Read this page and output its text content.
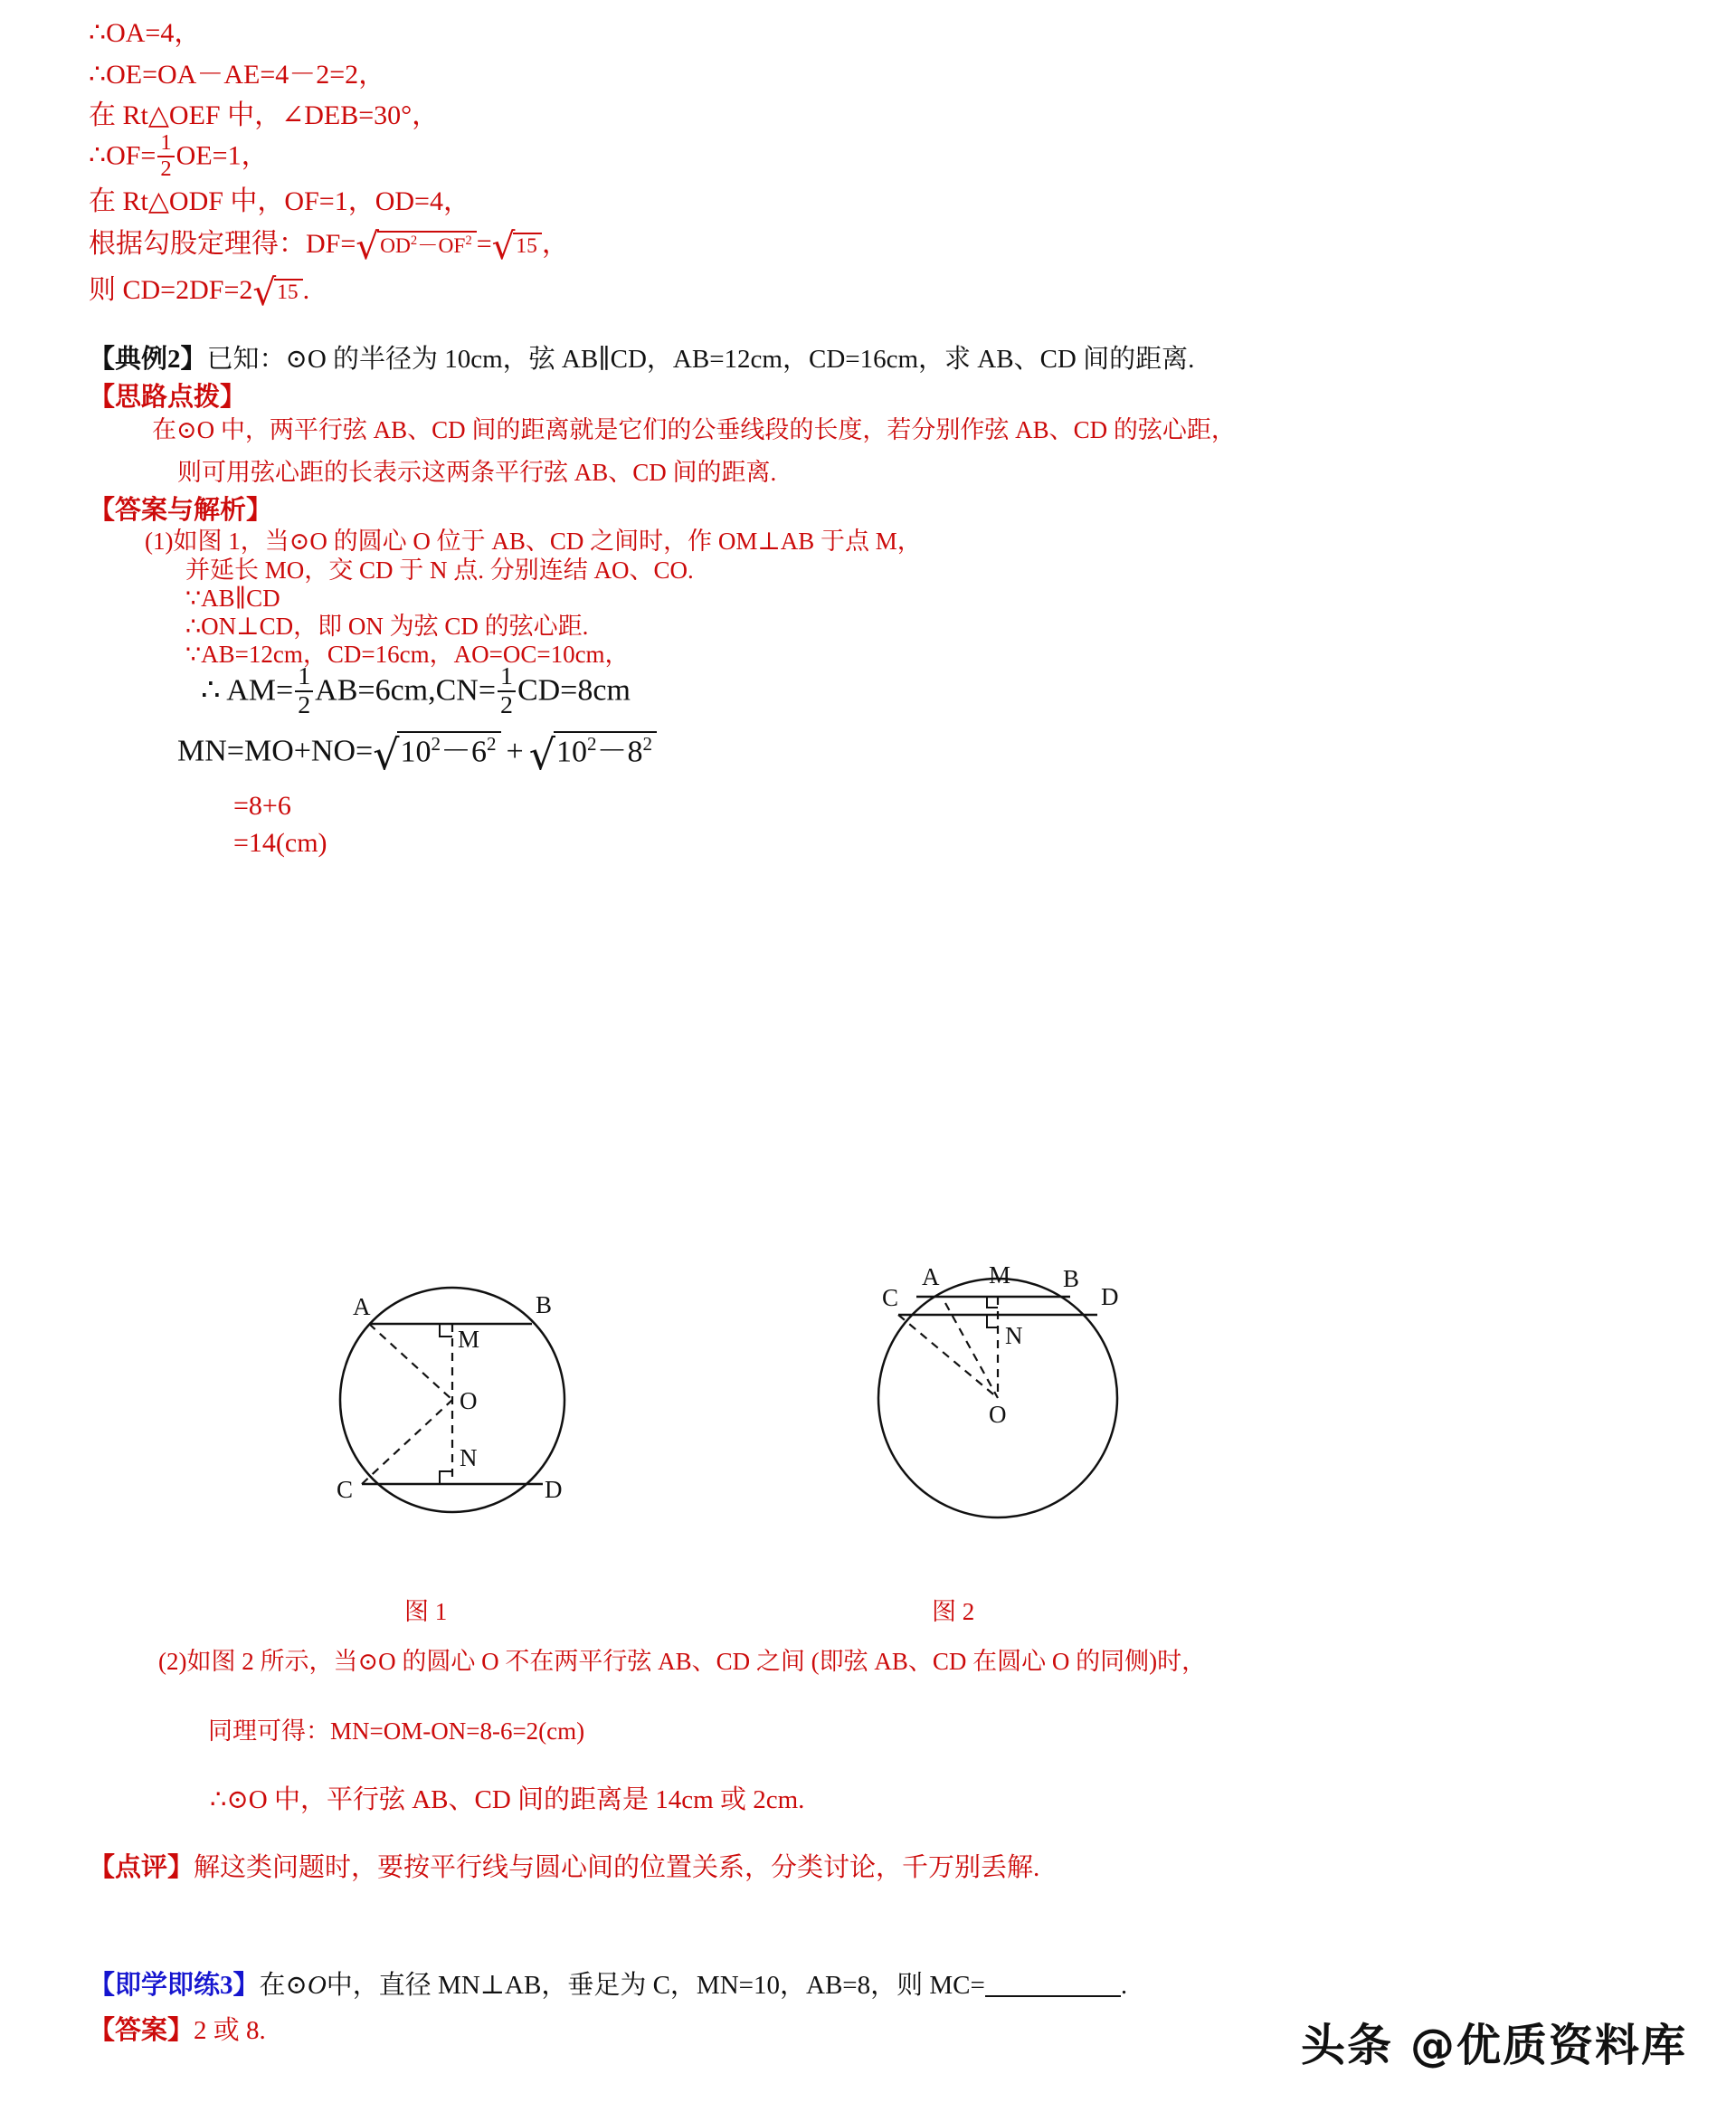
∴OA=4，
∴OE=OA－AE=4－2=2，
在 Rt△OEF 中，∠DEB=30°，
∴OF= $\frac{1}{2} OE=1$，
在 Rt△ODF 中，OF=1，OD=4，
根据勾股定理得：$DF=√OD^2-OF^2 =√15$ ，
则 CD=2DF=2√15 .
【典例2】已知：⊙O 的半径为 10cm，弦 AB∥CD，AB=12cm，CD=16cm，求 AB、CD 间的距离.
【思路点拨】
在⊙O 中，两平行弦 AB、CD 间的距离就是它们的公垂线段的长度，若分别作弦 AB、CD 的弦心距，
则可用弦心距的长表示这两条平行弦 AB、CD 间的距离.
【答案与解析】
(1)如图 1，当⊙O 的圆心 O 位于 AB、CD 之间时，作 OM⊥AB 于点 M，
并延长 MO，交 CD 于 N 点. 分别连结 AO、CO.
∵AB∥CD
∴ON⊥CD，即 ON 为弦 CD 的弦心距.
∵AB=12cm，CD=16cm，AO=OC=10cm，
∴ $AM= \frac{1}{2} AB=6cm,CN= \frac{1}{2} CD=8cm$
$MN=MO+NO=√10^2-6^2 + √10^2-8^2$
=8+6
=14(cm)
A	B
C	D
M
N
O
图 1
A	B
C	D
M
N
O
图 2
(2)如图 2 所示，当⊙O 的圆心 O 不在两平行弦 AB、CD 之间 (即弦 AB、CD 在圆心 O 的同侧)时，
同理可得：MN=OM-ON=8-6=2(cm)
∴⊙O 中，平行弦 AB、CD 间的距离是 14cm 或 2cm.
【点评】解这类问题时，要按平行线与圆心间的位置关系，分类讨论，千万别丢解.
【即学即练3】在⊙O中，直径 MN⊥AB，垂足为 C，MN=10，AB=8，则 MC=	.
【答案】2 或 8.	头条 @优质资料库
